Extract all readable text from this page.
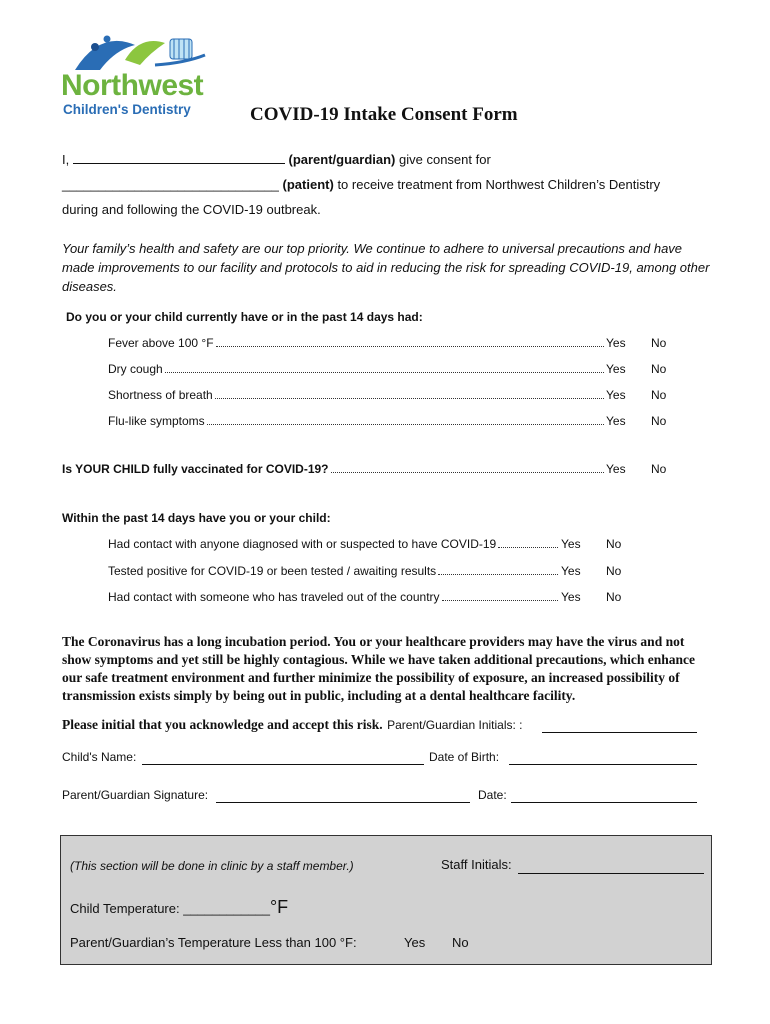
Northwest
Children's Dentistry	COVID-19 Intake Consent Form
I,	(parent/guardian) give consent for
______________________________ (patient) to receive treatment from Northwest Children’s Dentistry
during and following the COVID-19 outbreak.
Your family’s health and safety are our top priority. We continue to adhere to universal precautions and have made improvements to our facility and protocols to aid in reducing the risk for spreading COVID-19, among other diseases.
Do you or your child currently have or in the past 14 days had:
Fever above 100 °F	Yes No
Dry cough	Yes No
Shortness of breath	Yes No
Flu-like symptoms	Yes No
Is YOUR CHILD fully vaccinated for COVID-19?	Yes No
Within the past 14 days have you or your child:
Had contact with anyone diagnosed with or suspected to have COVID-19	Yes No
Tested positive for COVID-19 or been tested / awaiting results	Yes No
Had contact with someone who has traveled out of the country	Yes No
The Coronavirus has a long incubation period. You or your healthcare providers may have the virus and not show symptoms and yet still be highly contagious. While we have taken additional precautions, which enhance our safe treatment environment and further minimize the possibility of exposure, an increased possibility of transmission exists simply by being out in public, including at a dental healthcare facility.
Please initial that you acknowledge and accept this risk. Parent/Guardian Initials: :
Child's Name:	Date of Birth:
Parent/Guardian Signature:	Date:
(This section will be done in clinic by a staff member.)	Staff Initials:
Child Temperature: ____________°F
Parent/Guardian’s Temperature Less than 100 °F:	Yes No
